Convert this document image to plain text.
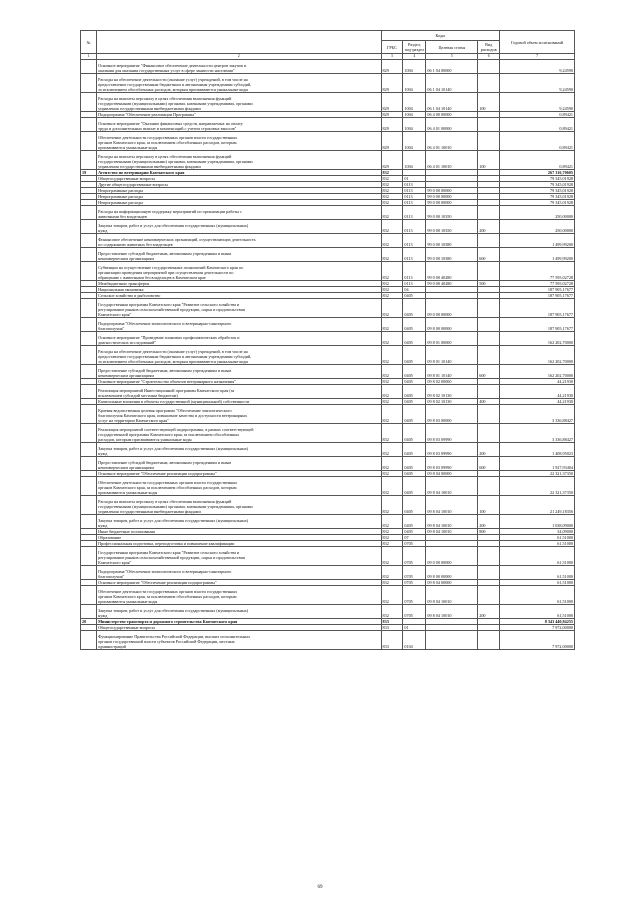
№		Коды				Годовой объем ассигнований
		ГРБС	Раздел, под-раздел	Целевая статья	Вид расходов	
1	2	3	4	5	6	7
	Основное мероприятие "Финансовое обеспечение деятельности центров закупок и
оказания для оказания государственных услуг в сфере занятости населения"	829	1004	06 1 04 00000		9,24590
	Расходы на обеспечение деятельности (оказание услуг) учреждений, в том числе на
предоставление государственным бюджетным и автономным учреждениям субсидий,
за исключением обособленных расходов, которым присваиваются уникальные коды	829	1004	06 1 04 10140		9,24590
	Расходы на выплаты персоналу в целях обеспечения выполнения функций
государственными (муниципальными) органами, казенными учреждениями, органами
управления государственными внебюджетными фондами	829	1004	06 1 04 10140	100	9,24590
	Подпрограмма "Обеспечение реализации Программы"	829	1004	06 4 00 00000		0,89421
	Основное мероприятие "Оказание финансовых средств, направляемых на оплату
труда и дополнительных выплат и компенсаций с учетом страховых взносов"	829	1004	06 4 01 00000		0,89421
	Обеспечение деятельности государственных органов власти государственных
органов Камчатского края, за исключением обособленных расходов, которым
присваиваются уникальные коды	829	1004	06 4 01 10010		0,89421
	Расходы на выплаты персоналу в целях обеспечения выполнения функций
государственными (муниципальными) органами, казенными учреждениями, органами
управления государственными внебюджетными фондами	829	1004	06 4 01 10010	100	0,89421
19	Агентство по ветеринарии Камчатского края	832				267 316,70605
	Общегосударственные вопросы	832	01			79 345,01928
	Другие общегосударственные вопросы	832	0113			79 345,01928
	Непрограммные расходы	832	0113	99 0 00 00000		79 345,01928
	Непрограммные расходы	832	0113	99 0 00 00000		79 345,01928
	Непрограммные расходы	832	0113	99 0 00 00000		79 345,01928
	Расходы на информационную поддержку мероприятий по организации работы с
животными без владельцев	832	0113	99 0 00 10350		250,00000
	Закупка товаров, работ и услуг для обеспечения государственных (муниципальных)
нужд	832	0113	99 0 00 10350	200	250,00000
	Финансовое обеспечение некоммерческих организаций, осуществляющих деятельность
по содержанию животных без владельцев	832	0113	99 0 00 10380		1 499,99200
	Предоставление субсидий бюджетным, автономным учреждениям и иным
некоммерческим организациям	832	0113	99 0 00 10380	600	1 499,99200
	Субвенции на осуществление государственных полномочий Камчатского края по
организации проведения мероприятий при осуществлении деятельности по
обращению с животными без владельцев в Камчатском крае	832	0113	99 0 00 40280		77 595,02728
	Межбюджетные трансферты	832	0113	99 0 00 40280	500	77 595,02728
	Национальная экономика	832	04			187 905,17677
	Сельское хозяйство и рыболовство	832	0405			187 905,17677
	Государственная программа Камчатского края "Развитие сельского хозяйства и
регулирование рынков сельскохозяйственной продукции, сырья и продовольствия
Камчатского края"	832	0405	09 0 00 00000		187 905,17677
	Подпрограмма "Обеспечение эпизоотического и ветеринарно-санитарного
благополучия"	832	0405	09 8 00 00000		187 905,17677
	Основное мероприятие "Проведение плановых профилактических обработок и
диагностических исследований"	832	0405	09 8 01 00000		162 202,70000
	Расходы на обеспечение деятельности (оказание услуг) учреждений, в том числе на
предоставление государственным бюджетным и автономным учреждениям субсидий,
за исключением обособленных расходов, которым присваиваются уникальные коды	832	0405	09 8 01 10140		162 202,70000
	Предоставление субсидий бюджетным, автономным учреждениям и иным
некоммерческим организациям	832	0405	09 8 01 10140	600	162 202,70000
	Основное мероприятие "Строительство объектов ветеринарного назначения"	832	0405	09 8 02 00000		44,21930
	Реализация мероприятий Инвестиционной программы Камчатского края (за
исключением субсидий местным бюджетам)	832	0405	09 8 02 10130		44,21930
	Капитальные вложения в объекты государственной (муниципальной) собственности	832	0405	09 8 02 10130	400	44,21930
	Краевая ведомственная целевая программа "Обеспечение эпизоотического
благополучия Камчатского края, повышение качества и доступности ветеринарных
услуг на территории Камчатского края"	832	0405	09 8 03 00000		3 336,88427
	Реализация мероприятий соответствующей подпрограммы, в рамках соответствующей
государственной программы Камчатского края, за исключением обособленных
расходов, которым присваиваются уникальные коды	832	0405	09 8 03 09990		3 336,88427
	Закупка товаров, работ и услуг для обеспечения государственных (муниципальных)
нужд	832	0405	09 8 03 09990	200	1 408,95023
	Предоставление субсидий бюджетным, автономным учреждениям и иным
некоммерческим организациям	832	0405	09 8 03 09990	600	1 927,93404
	Основное мероприятие "Обеспечение реализации подпрограммы"	832	0405	09 8 04 00000		22 321,37350
	Обеспечение деятельности государственных органов власти государственных
органов Камчатского края, за исключением обособленных расходов, которым
присваиваются уникальные коды	832	0405	09 8 04 10010		22 321,37350
	Расходы на выплаты персоналу в целях обеспечения выполнения функций
государственными (муниципальными) органами, казенными учреждениями, органами
управления государственными внебюджетными фондами	832	0405	09 8 04 10010	100	21 249,18356
	Закупка товаров, работ и услуг для обеспечения государственных (муниципальных)
нужд	832	0405	09 8 04 10010	200	1 038,09000
	Иные бюджетные ассигнования	832	0405	09 8 04 10010	800	34,09000
	Образование	832	07			61,51000
	Профессиональная подготовка, переподготовка и повышение квалификации	832	0705			61,51000
	Государственная программа Камчатского края "Развитие сельского хозяйства и
регулирование рынков сельскохозяйственной продукции, сырья и продовольствия
Камчатского края"	832	0705	09 0 00 00000		61,51000
	Подпрограмма "Обеспечение эпизоотического и ветеринарно-санитарного
благополучия"	832	0705	09 8 00 00000		61,51000
	Основное мероприятие "Обеспечение реализации подпрограммы"	832	0705	09 8 04 00000		61,51000
	Обеспечение деятельности государственных органов власти государственных
органов Камчатского края, за исключением обособленных расходов, которым
присваиваются уникальные коды	832	0705	09 8 04 10010		61,51000
	Закупка товаров, работ и услуг для обеспечения государственных (муниципальных)
нужд	832	0705	09 8 04 10010	200	61,51000
20	Министерство транспорта и дорожного строительства Камчатского края	833				8 343 440,84255
	Общегосударственные вопросы	833	01			7 972,00000
	Функционирование Правительства Российской Федерации, высших исполнительных
органов государственной власти субъектов Российской Федерации, местных
администраций	833	0104			7 972,00000
69
